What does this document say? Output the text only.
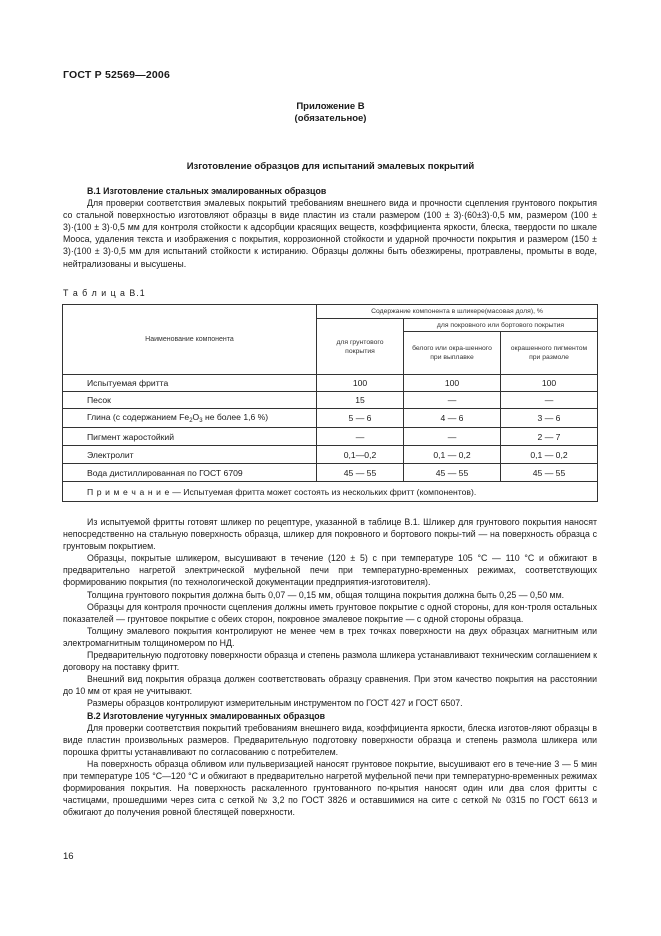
ГОСТ Р 52569—2006
Приложение В
(обязательное)
Изготовление образцов для испытаний эмалевых покрытий
В.1 Изготовление стальных эмалированных образцов
Для проверки соответствия эмалевых покрытий требованиям внешнего вида и прочности сцепления грунтового покрытия со стальной поверхностью изготовляют образцы в виде пластин из стали размером (100 ± 3)·(60±3)·0,5 мм, размером (100 ± 3)·(100 ± 3)·0,5 мм для контроля стойкости к адсорбции красящих веществ, коэффициента яркости, блеска, твердости по шкале Мооса, удаления текста и изображения с покрытия, коррозионной стойкости и ударной прочности покрытия и размером (150 ± 3)·(100 ± 3)·0,5 мм для испытаний стойкости к истиранию. Образцы должны быть обезжирены, протравлены, промыты в воде, нейтрализованы и высушены.
Т а б л и ц а В.1
Наименование компонента	Содержание компонента в шликере(масовая доля), %		
	для грунтового покрытия	для покровного или бортового покрытия	
		белого или окра-шенного при выплавке	окрашенного пигментом при размоле
Испытуемая фритта	100	100	100
Песок	15	—	—
Глина (с содержанием $Fe_2O_3$ не более 1,6 %)	5 — 6	4 — 6	3 — 6
Пигмент жаростойкий	—	—	2 — 7
Электролит	0,1—0,2	0,1 — 0,2	0,1 — 0,2
Вода дистиллированная по ГОСТ 6709	45 — 55	45 — 55	45 — 55
П р и м е ч а н и е — Испытуемая фритта может состоять из нескольких фритт (компонентов).			
Из испытуемой фритты готовят шликер по рецептуре, указанной в таблице В.1. Шликер для грунтового покрытия наносят непосредственно на стальную поверхность образца, шликер для покровного и бортового покры-тий — на поверхность образца с грунтовым покрытием.
Образцы, покрытые шликером, высушивают в течение (120 ± 5) с при температуре 105 °С — 110 °С и обжигают в предварительно нагретой электрической муфельной печи при температурно-временных режимах, соответствующих формированию покрытия (по технологической документации предприятия-изготовителя).
Толщина грунтового покрытия должна быть 0,07 — 0,15 мм, общая толщина покрытия должна быть 0,25 — 0,50 мм.
Образцы для контроля прочности сцепления должны иметь грунтовое покрытие с одной стороны, для кон-троля остальных показателей — грунтовое покрытие с обеих сторон, покровное эмалевое покрытие — с одной стороны образца.
Толщину эмалевого покрытия контролируют не менее чем в трех точках поверхности на двух образцах магнитным или электромагнитным толщиномером по НД.
Предварительную подготовку поверхности образца и степень размола шликера устанавливают техническим соглашением к договору на поставку фритт.
Внешний вид покрытия образца должен соответствовать образцу сравнения. При этом качество покрытия на расстоянии до 10 мм от края не учитывают.
Размеры образцов контролируют измерительным инструментом по ГОСТ 427 и ГОСТ 6507.
В.2 Изготовление чугунных эмалированных образцов
Для проверки соответствия покрытий требованиям внешнего вида, коэффициента яркости, блеска изготов-ляют образцы в виде пластин произвольных размеров. Предварительную подготовку поверхности образца и степень размола шликера или порошка фритты устанавливают по согласованию с потребителем.
На поверхность образца обливом или пульверизацией наносят грунтовое покрытие, высушивают его в тече-ние 3 — 5 мин при температуре 105 °С—120 °С и обжигают в предварительно нагретой муфельной печи при температурно-временных режимах формирования покрытия. На поверхность раскаленного грунтованного по-крытия наносят один или два слоя фритты с частицами, прошедшими через сита с сеткой № 3,2 по ГОСТ 3826 и оставшимися на сите с сеткой № 0315 по ГОСТ 6613 и обжигают до получения ровной блестящей поверхности.
16
